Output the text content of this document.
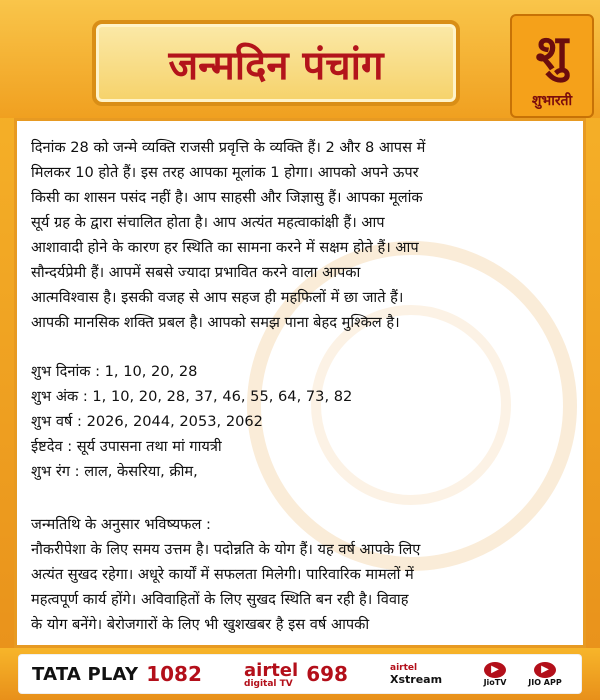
जन्मदिन पंचांग	शु
शुभारती

दिनांक 28 को जन्मे व्यक्ति राजसी प्रवृत्ति के व्यक्ति हैं। 2 और 8 आपस में

मिलकर 10 होते हैं। इस तरह आपका मूलांक 1 होगा। आपको अपने ऊपर

किसी का शासन पसंद नहीं है। आप साहसी और जिज्ञासु हैं। आपका मूलांक

सूर्य ग्रह के द्वारा संचालित होता है। आप अत्यंत महत्वाकांक्षी हैं। आप

आशावादी होने के कारण हर स्थिति का सामना करने में सक्षम होते हैं। आप

सौन्दर्यप्रेमी हैं। आपमें सबसे ज्यादा प्रभावित करने वाला आपका

आत्मविश्वास है। इसकी वजह से आप सहज ही महफिलों में छा जाते हैं।

आपकी मानसिक शक्ति प्रबल है। आपको समझ पाना बेहद मुश्किल है।

शुभ दिनांक : 1, 10, 20, 28

शुभ अंक : 1, 10, 20, 28, 37, 46, 55, 64, 73, 82

शुभ वर्ष : 2026, 2044, 2053, 2062

ईष्टदेव : सूर्य उपासना तथा मां गायत्री

शुभ रंग : लाल, केसरिया, क्रीम,

जन्मतिथि के अनुसार भविष्यफल :

नौकरीपेशा के लिए समय उत्तम है। पदोन्नति के योग हैं। यह वर्ष आपके लिए

अत्यंत सुखद रहेगा। अधूरे कार्यों में सफलता मिलेगी। पारिवारिक मामलों में

महत्वपूर्ण कार्य होंगे। अविवाहितों के लिए सुखद स्थिति बन रही है। विवाह

के योग बनेंगे। बेरोजगारों के लिए भी खुशखबर है इस वर्ष आपकी

TATA PLAY 1082 airtel
digital TV 698	airtel
Xstream
▶
JioTV
▶
JIO APP
